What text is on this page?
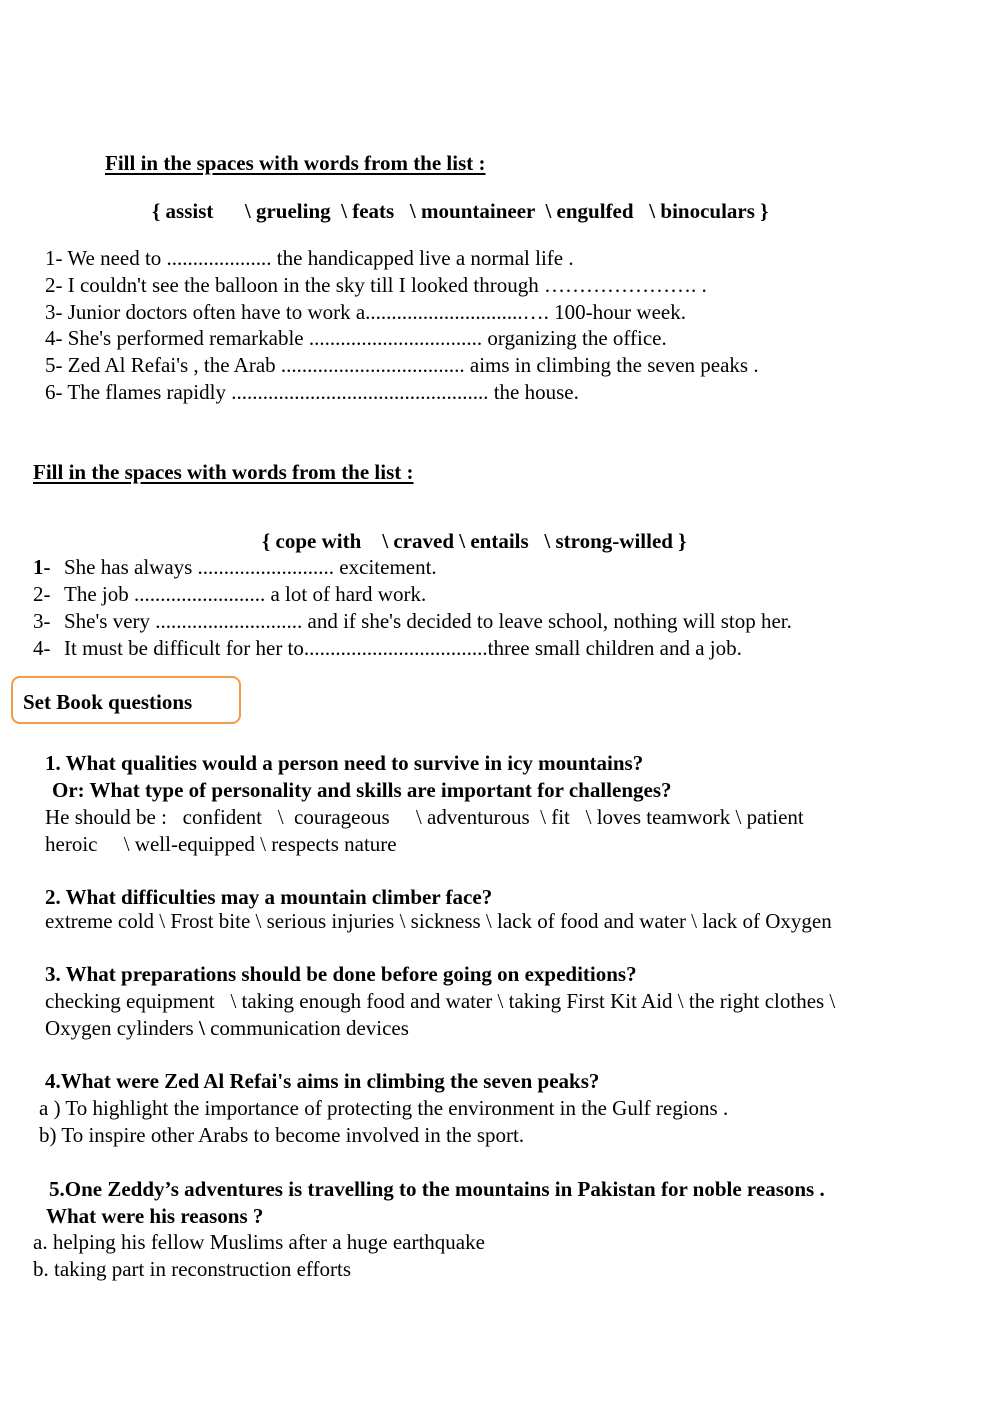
Fill in the spaces with words from the list :
{ assist      \ grueling  \ feats   \ mountaineer  \ engulfed   \ binoculars }
1- We need to .................... the handicapped live a normal life .
2- I couldn't see the balloon in the sky till I looked through …………………. .
3- Junior doctors often have to work a..............................…. 100-hour week.
4- She's performed remarkable ................................. organizing the office.
5- Zed Al Refai's , the Arab ................................... aims in climbing the seven peaks .
6- The flames rapidly ................................................. the house.
Fill in the spaces with words from the list :
{ cope with    \ craved \ entails   \ strong-willed }
1- She has always .......................... excitement.
2- The job ......................... a lot of hard work.
3- She's very ............................ and if she's decided to leave school, nothing will stop her.
4- It must be difficult for her to...................................three small children and a job.
Set Book questions
1. What qualities would a person need to survive in icy mountains?
Or: What type of personality and skills are important for challenges?
He should be :   confident   \  courageous     \ adventurous  \ fit   \ loves teamwork \ patient
heroic     \ well-equipped \ respects nature
2. What difficulties may a mountain climber face?
extreme cold \ Frost bite \ serious injuries \ sickness \ lack of food and water \ lack of Oxygen
3. What preparations should be done before going on expeditions?
checking equipment   \ taking enough food and water \ taking First Kit Aid \ the right clothes \
Oxygen cylinders \ communication devices
4.What were Zed Al Refai's aims in climbing the seven peaks?
a ) To highlight the importance of protecting the environment in the Gulf regions .
b) To inspire other Arabs to become involved in the sport.
5.One Zeddy’s adventures is travelling to the mountains in Pakistan for noble reasons .
What were his reasons ?
a. helping his fellow Muslims after a huge earthquake
b. taking part in reconstruction efforts
